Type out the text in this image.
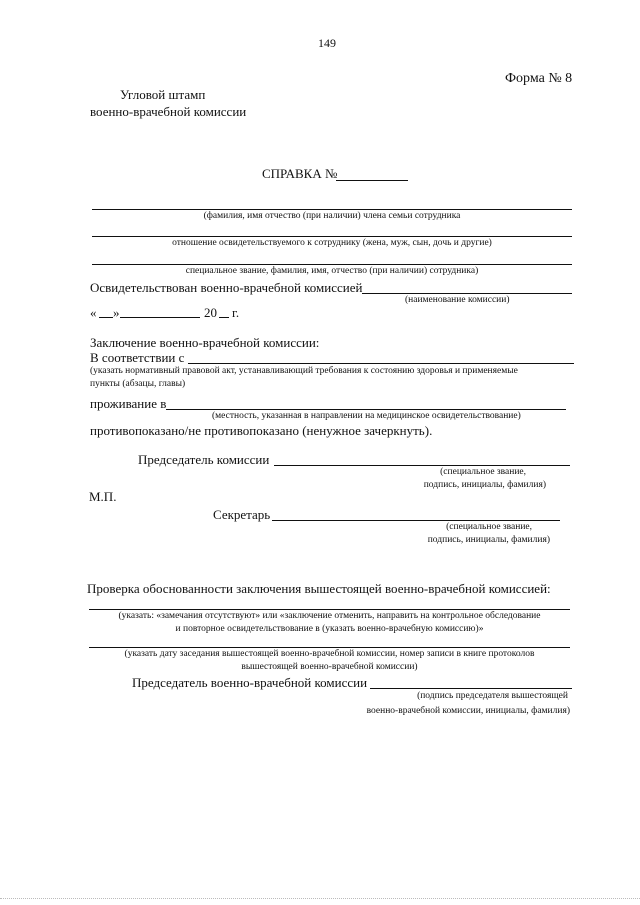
149
Форма № 8
Угловой штамп
военно-врачебной комиссии
СПРАВКА №
(фамилия, имя отчество (при наличии) члена семьи сотрудника
отношение освидетельствуемого к сотруднику (жена, муж, сын, дочь и другие)
специальное звание, фамилия, имя, отчество (при наличии) сотрудника)
Освидетельствован военно-врачебной комиссией
(наименование комиссии)
« »	20 г.
Заключение военно-врачебной комиссии:
В соответствии с
(указать нормативный правовой акт, устанавливающий требования к состоянию здоровья и применяемые
пункты (абзацы, главы)
проживание в
(местность, указанная в направлении на медицинское освидетельствование)
противопоказано/не противопоказано (ненужное зачеркнуть).
Председатель комиссии
(специальное звание,
подпись, инициалы, фамилия)
М.П.
Секретарь
(специальное звание,
подпись, инициалы, фамилия)
Проверка обоснованности заключения вышестоящей военно-врачебной комиссией:
(указать: «замечания отсутствуют» или «заключение отменить, направить на контрольное обследование
и повторное освидетельствование в (указать военно-врачебную комиссию)»
(указать дату заседания вышестоящей военно-врачебной комиссии, номер записи в книге протоколов
вышестоящей военно-врачебной комиссии)
Председатель военно-врачебной комиссии
(подпись председателя вышестоящей
военно-врачебной комиссии, инициалы, фамилия)
